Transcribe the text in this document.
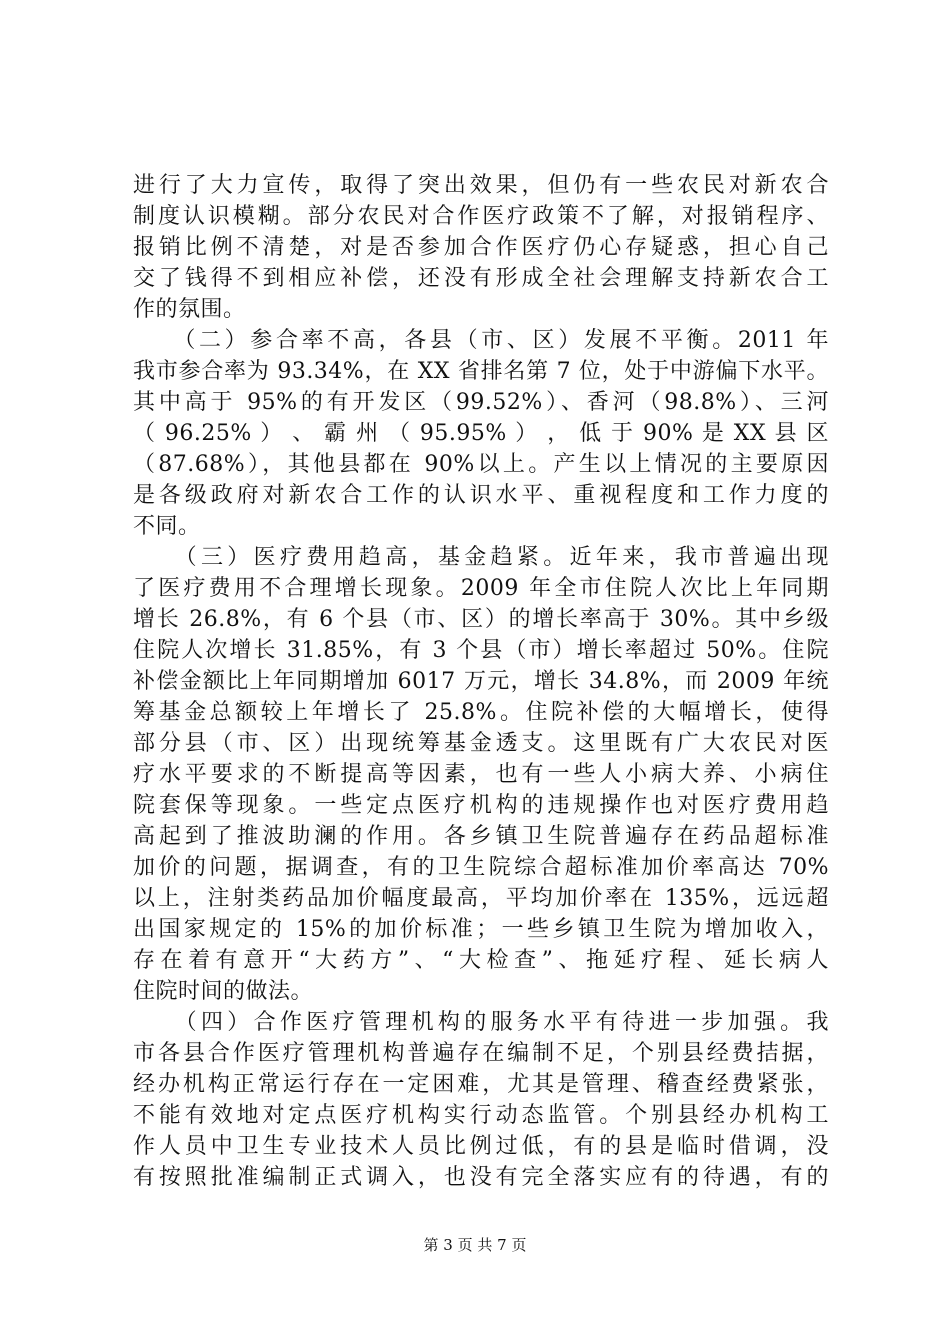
进行了大力宣传，取得了突出效果，但仍有一些农民对新农合
制度认识模糊。部分农民对合作医疗政策不了解，对报销程序、
报销比例不清楚，对是否参加合作医疗仍心存疑惑，担心自己
交了钱得不到相应补偿，还没有形成全社会理解支持新农合工
作的氛围。
　　（二）参合率不高，各县（市、区）发展不平衡。2011 年
我市参合率为 93.34%，在 XX 省排名第 7 位，处于中游偏下水平。
其中高于 95%的有开发区（99.52%）、香河（98.8%）、三河
（ 96.25% ） 、 霸 州 （ 95.95% ） ， 低 于 90% 是 XX 县 区
（87.68%），其他县都在 90%以上。产生以上情况的主要原因
是各级政府对新农合工作的认识水平、重视程度和工作力度的
不同。
　　（三）医疗费用趋高，基金趋紧。近年来，我市普遍出现
了医疗费用不合理增长现象。2009 年全市住院人次比上年同期
增长 26.8%，有 6 个县（市、区）的增长率高于 30%。其中乡级
住院人次增长 31.85%，有 3 个县（市）增长率超过 50%。住院
补偿金额比上年同期增加 6017 万元，增长 34.8%，而 2009 年统
筹基金总额较上年增长了 25.8%。住院补偿的大幅增长，使得
部分县（市、区）出现统筹基金透支。这里既有广大农民对医
疗水平要求的不断提高等因素，也有一些人小病大养、小病住
院套保等现象。一些定点医疗机构的违规操作也对医疗费用趋
高起到了推波助澜的作用。各乡镇卫生院普遍存在药品超标准
加价的问题，据调查，有的卫生院综合超标准加价率高达 70%
以上，注射类药品加价幅度最高，平均加价率在 135%，远远超
出国家规定的 15%的加价标准；一些乡镇卫生院为增加收入，
存在着有意开“大药方”、“大检查”、拖延疗程、延长病人
住院时间的做法。
　　（四）合作医疗管理机构的服务水平有待进一步加强。我
市各县合作医疗管理机构普遍存在编制不足，个别县经费拮据，
经办机构正常运行存在一定困难，尤其是管理、稽查经费紧张，
不能有效地对定点医疗机构实行动态监管。个别县经办机构工
作人员中卫生专业技术人员比例过低，有的县是临时借调，没
有按照批准编制正式调入，也没有完全落实应有的待遇，有的
第 3 页 共 7 页
